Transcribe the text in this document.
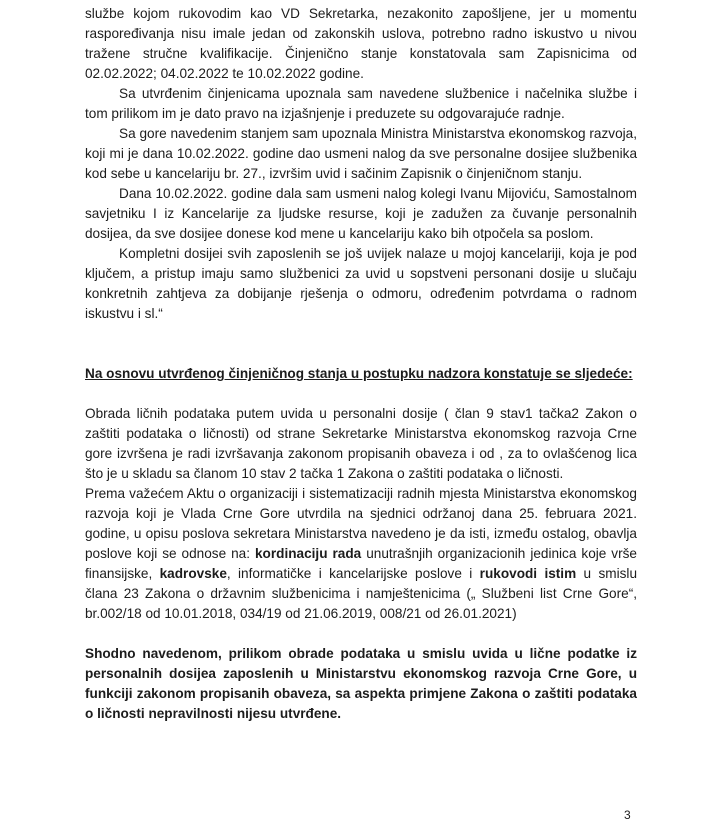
službe kojom rukovodim kao VD Sekretarka, nezakonito zapošljene, jer u momentu raspoređivanja nisu imale jedan od zakonskih uslova, potrebno radno iskustvo u nivou tražene stručne kvalifikacije. Činjenično stanje konstatovala sam Zapisnicima od 02.02.2022; 04.02.2022 te 10.02.2022 godine.

Sa utvrđenim činjenicama upoznala sam navedene službenice i načelnika službe i tom prilikom im je dato pravo na izjašnjenje i preduzete su odgovarajuće radnje.

Sa gore navedenim stanjem sam upoznala Ministra Ministarstva ekonomskog razvoja, koji mi je dana 10.02.2022. godine dao usmeni nalog da sve personalne dosijee službenika kod sebe u kancelariju br. 27., izvršim uvid i sačinim Zapisnik o činjeničnom stanju.

Dana 10.02.2022. godine dala sam usmeni nalog kolegi Ivanu Mijoviću, Samostalnom savjetniku I iz Kancelarije za ljudske resurse, koji je zadužen za čuvanje personalnih dosijea, da sve dosijee donese kod mene u kancelariju kako bih otpočela sa poslom.

Kompletni dosijei svih zaposlenih se još uvijek nalaze u mojoj kancelariji, koja je pod ključem, a pristup imaju samo službenici za uvid u sopstveni personani dosije u slučaju konkretnih zahtjeva za dobijanje rješenja o odmoru, određenim potvrdama o radnom iskustvu i sl.“

Na osnovu utvrđenog činjeničnog stanja u postupku nadzora konstatuje se sljedeće:

Obrada ličnih podataka putem uvida u personalni dosije ( član 9 stav1 tačka2 Zakon o zaštiti podataka o ličnosti) od strane Sekretarke Ministarstva ekonomskog razvoja Crne gore izvršena je radi izvršavanja zakonom propisanih obaveza i od , za to ovlašćenog lica što je u skladu sa članom 10 stav 2 tačka 1 Zakona o zaštiti podataka o ličnosti.

Prema važećem Aktu o organizaciji i sistematizaciji radnih mjesta Ministarstva ekonomskog razvoja koji je Vlada Crne Gore utvrdila na sjednici održanoj dana 25. februara 2021. godine, u opisu poslova sekretara Ministarstva navedeno je da isti, između ostalog, obavlja poslove koji se odnose na: kordinaciju rada unutrašnjih organizacionih jedinica koje vrše finansijske, kadrovske, informatičke i kancelarijske poslove i rukovodi istim u smislu člana 23 Zakona o državnim službenicima i namještenicima („ Službeni list Crne Gore“, br.002/18 od 10.01.2018, 034/19 od 21.06.2019, 008/21 od 26.01.2021)

Shodno navedenom, prilikom obrade podataka u smislu uvida u lične podatke iz personalnih dosijea zaposlenih u Ministarstvu ekonomskog razvoja Crne Gore, u funkciji zakonom propisanih obaveza, sa aspekta primjene Zakona o zaštiti podataka o ličnosti nepravilnosti nijesu utvrđene.

3
